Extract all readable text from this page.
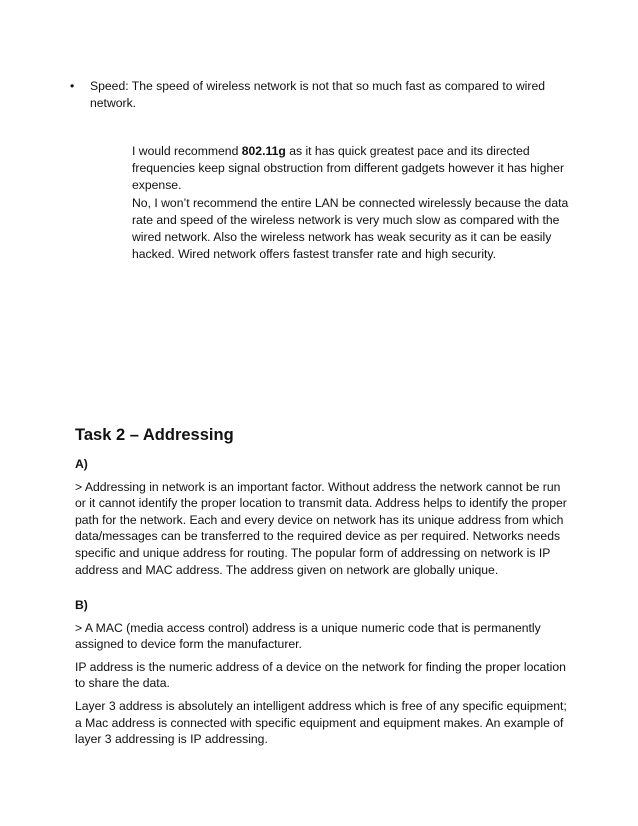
• Speed: The speed of wireless network is not that so much fast as compared to wired network.

I would recommend 802.11g as it has quick greatest pace and its directed frequencies keep signal obstruction from different gadgets however it has higher expense.

No, I won’t recommend the entire LAN be connected wirelessly because the data rate and speed of the wireless network is very much slow as compared with the wired network. Also the wireless network has weak security as it can be easily hacked. Wired network offers fastest transfer rate and high security.

Task 2 – Addressing

A)

> Addressing in network is an important factor. Without address the network cannot be run or it cannot identify the proper location to transmit data. Address helps to identify the proper path for the network. Each and every device on network has its unique address from which data/messages can be transferred to the required device as per required. Networks needs specific and unique address for routing. The popular form of addressing on network is IP address and MAC address. The address given on network are globally unique.

B)

> A MAC (media access control) address is a unique numeric code that is permanently assigned to device form the manufacturer.

IP address is the numeric address of a device on the network for finding the proper location to share the data.

Layer 3 address is absolutely an intelligent address which is free of any specific equipment; a Mac address is connected with specific equipment and equipment makes. An example of layer 3 addressing is IP addressing.
